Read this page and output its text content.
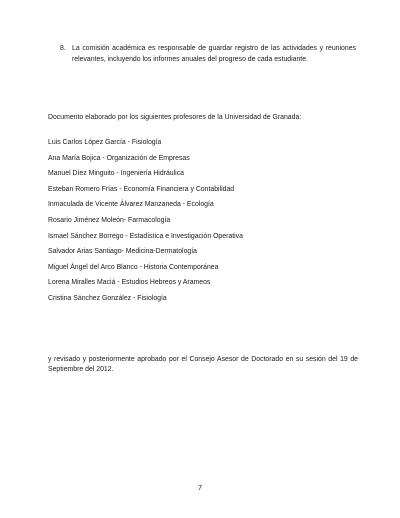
8. La comisión académica es responsable de guardar registro de las actividades y reuniones relevantes, incluyendo los informes anuales del progreso de cada estudiante.
Documento elaborado por los siguientes profesores de la Universidad de Granada:
Luis Carlos López García - Fisiología
Ana María Bojica - Organización de Empresas
Manuel Díez Minguito - Ingeniería Hidráulica
Esteban Romero Frías - Economía Financiera y Contabilidad
Inmaculada de Vicente Álvarez Manzaneda - Ecología
Rosario Jiménez Moleón- Farmacología
Ismael Sánchez Borrego - Estadística e Investigación Operativa
Salvador Arias Santiago- Medicina-Dermatología
Miguel Ángel del Arco Blanco - Historia Contemporánea
Lorena Miralles Maciá - Estudios Hebreos y Arameos
Cristina Sánchez González - Fisiología
y revisado y posteriormente aprobado por el Consejo Asesor de Doctorado en su sesión del 19 de Septiembre del 2012.
7
